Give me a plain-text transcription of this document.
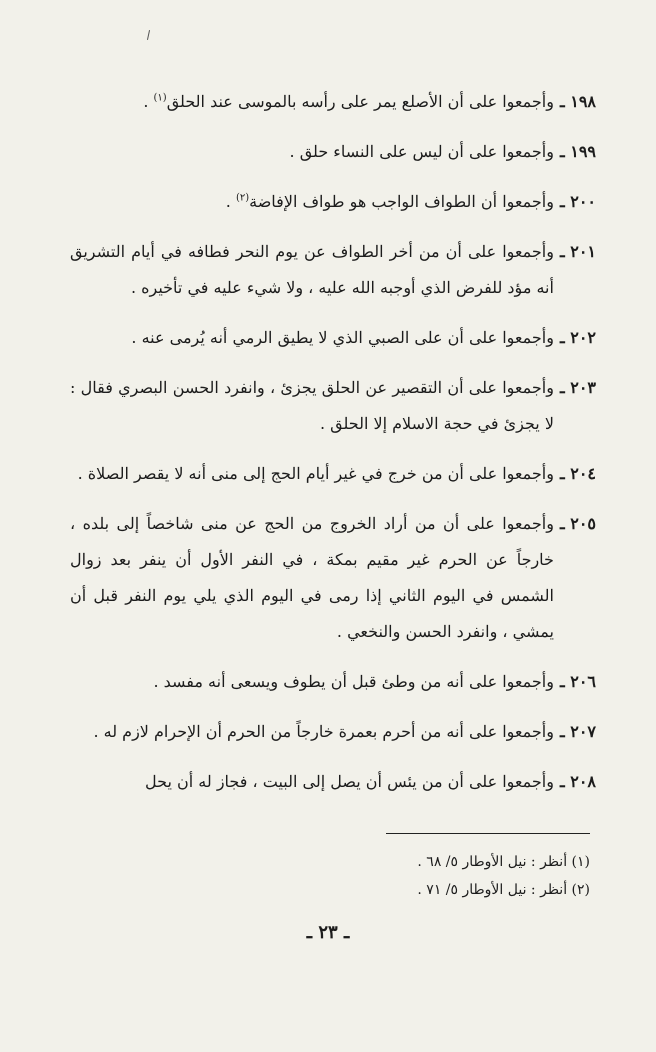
١٩٨ ـ
وأجمعوا على أن الأصلع يمر على رأسه بالموسى عند الحلق$^{(١)}$ .
١٩٩ ـ
وأجمعوا على أن ليس على النساء حلق .
٢٠٠ ـ
وأجمعوا أن الطواف الواجب هو طواف الإفاضة$^{(٢)}$ .
٢٠١ ـ
وأجمعوا على أن من أخر الطواف عن يوم النحر فطافه في أيام التشريق أنه مؤد للفرض الذي أوجبه الله عليه ، ولا شيء عليه في تأخيره .
٢٠٢ ـ
وأجمعوا على أن على الصبي الذي لا يطيق الرمي أنه يُرمى عنه .
٢٠٣ ـ
وأجمعوا على أن التقصير عن الحلق يجزئ ، وانفرد الحسن البصري فقال : لا يجزئ في حجة الاسلام إلا الحلق .
٢٠٤ ـ
وأجمعوا على أن من خرج في غير أيام الحج إلى منى أنه لا يقصر الصلاة .
٢٠٥ ـ
وأجمعوا على أن من أراد الخروج من الحج عن منى شاخصاً إلى بلده ، خارجاً عن الحرم غير مقيم بمكة ، في النفر الأول أن ينفر بعد زوال الشمس في اليوم الثاني إذا رمى في اليوم الذي يلي يوم النفر قبل أن يمشي ، وانفرد الحسن والنخعي .
٢٠٦ ـ
وأجمعوا على أنه من وطئ قبل أن يطوف ويسعى أنه مفسد .
٢٠٧ ـ
وأجمعوا على أنه من أحرم بعمرة خارجاً من الحرم أن الإحرام لازم له .
٢٠٨ ـ
وأجمعوا على أن من يئس أن يصل إلى البيت ، فجاز له أن يحل
(١) أنظر : نيل الأوطار ٥/ ٦٨ .
(٢) أنظر : نيل الأوطار ٥/ ٧١ .
ـ ٢٣ ـ
